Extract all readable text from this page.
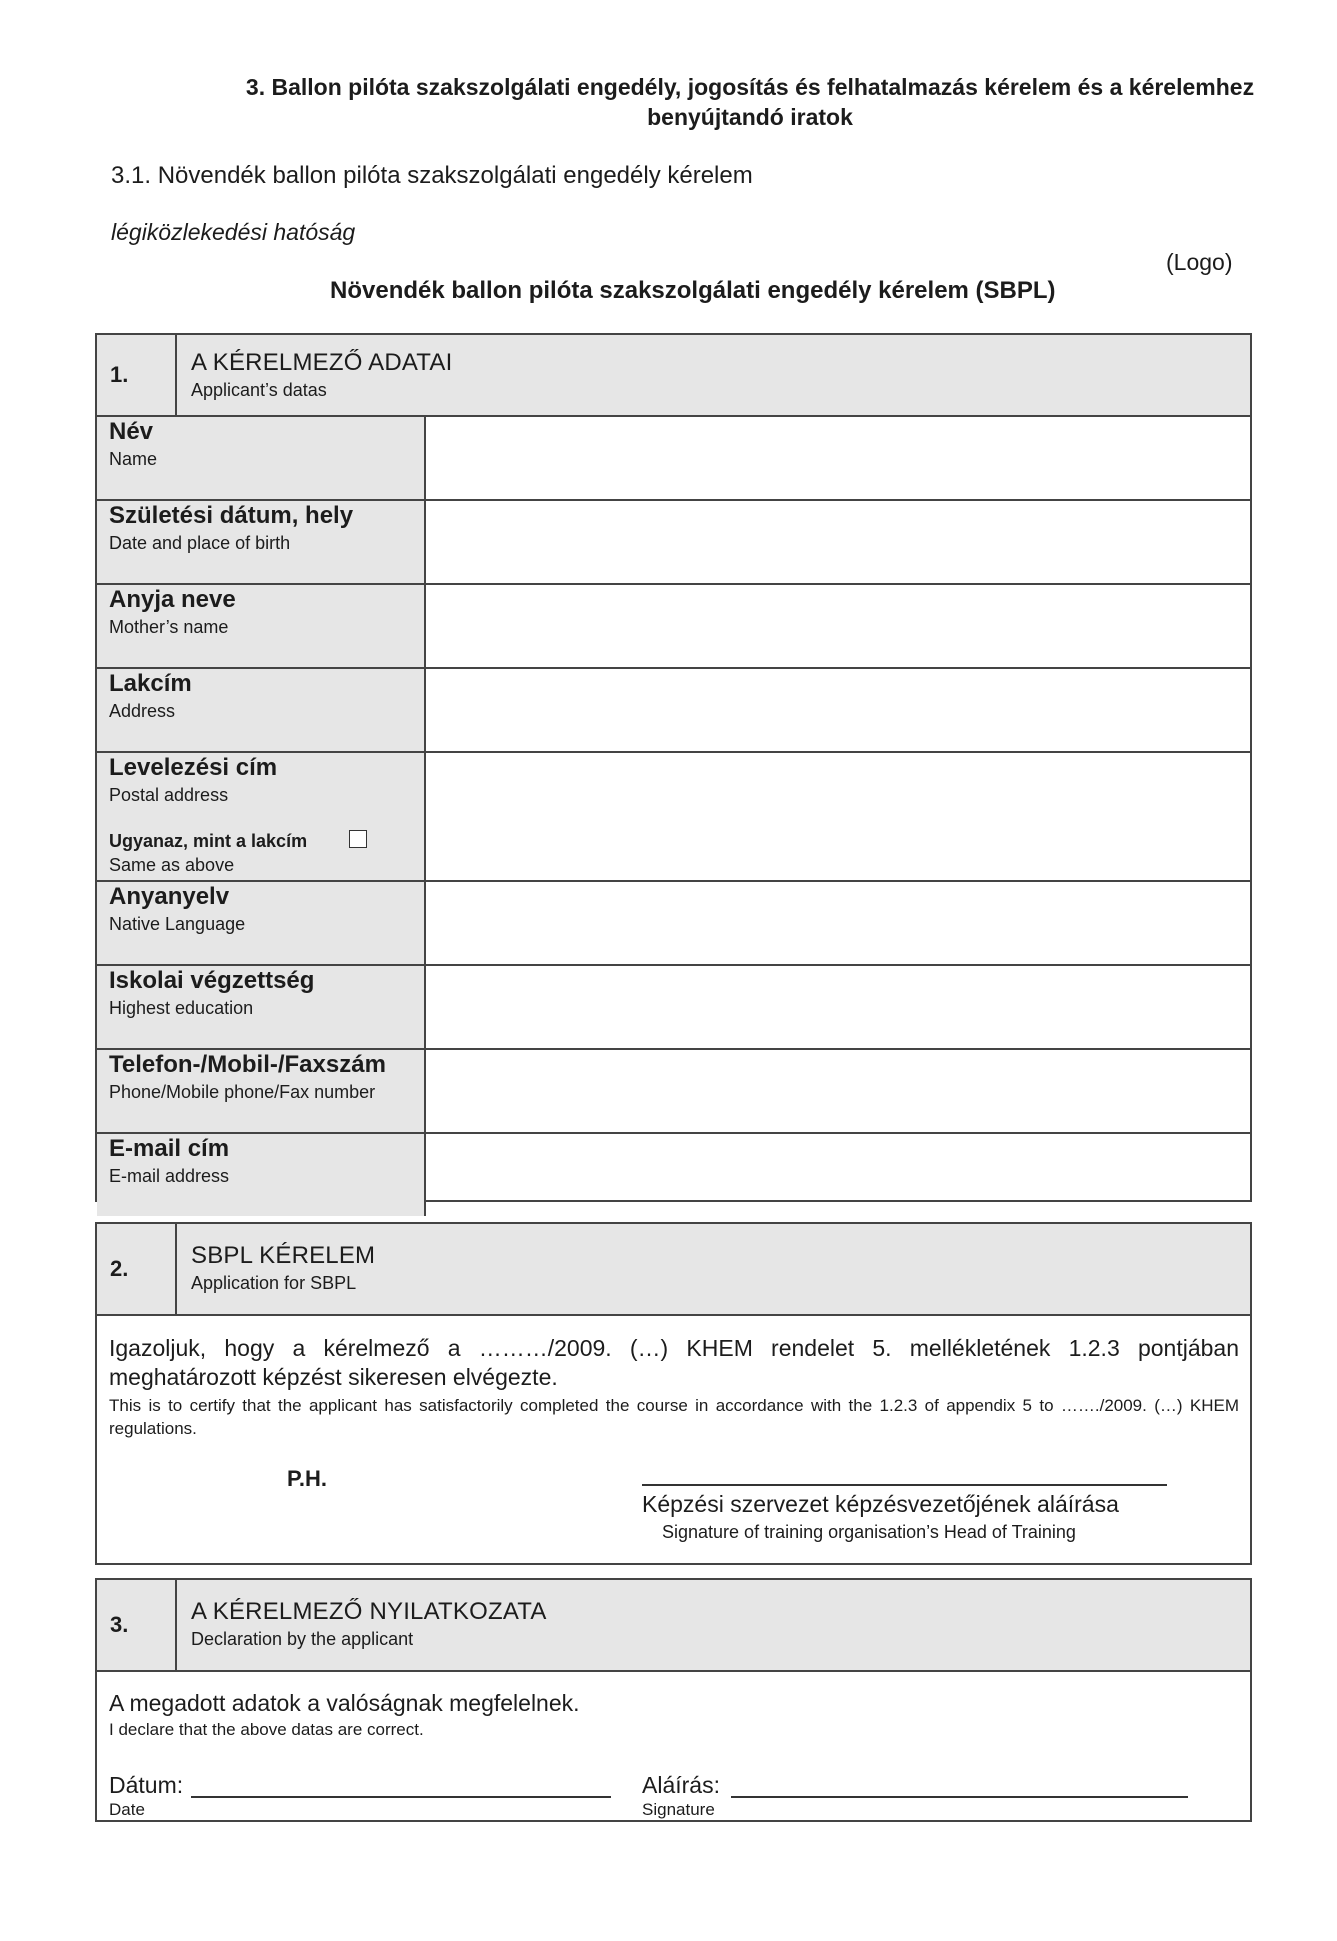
3. Ballon pilóta szakszolgálati engedély, jogosítás és felhatalmazás kérelem és a kérelemhez
benyújtandó iratok
3.1. Növendék ballon pilóta szakszolgálati engedély kérelem
légiközlekedési hatóság
(Logo)
Növendék ballon pilóta szakszolgálati engedély kérelem (SBPL)
1.	A KÉRELMEZŐ ADATAI
Applicant’s datas
Név
Name
Születési dátum, hely
Date and place of birth
Anyja neve
Mother’s name
Lakcím
Address
Levelezési cím
Postal address
Ugyanaz, mint a lakcím
Same as above
Anyanyelv
Native Language
Iskolai végzettség
Highest education
Telefon-/Mobil-/Faxszám
Phone/Mobile phone/Fax number
E-mail cím
E-mail address
2.	SBPL KÉRELEM
Application for SBPL
Igazoljuk, hogy a kérelmező a ………/2009. (…) KHEM rendelet 5. mellékletének 1.2.3 pontjában meghatározott képzést sikeresen elvégezte.
This is to certify that the applicant has satisfactorily completed the course in accordance with the 1.2.3 of appendix 5 to ……./2009. (…) KHEM regulations.
P.H.
Képzési szervezet képzésvezetőjének aláírása
Signature of training organisation’s Head of Training
3.	A KÉRELMEZŐ NYILATKOZATA
Declaration by the applicant
A megadott adatok a valóságnak megfelelnek.
I declare that the above datas are correct.
Dátum:
Date
Aláírás:
Signature
